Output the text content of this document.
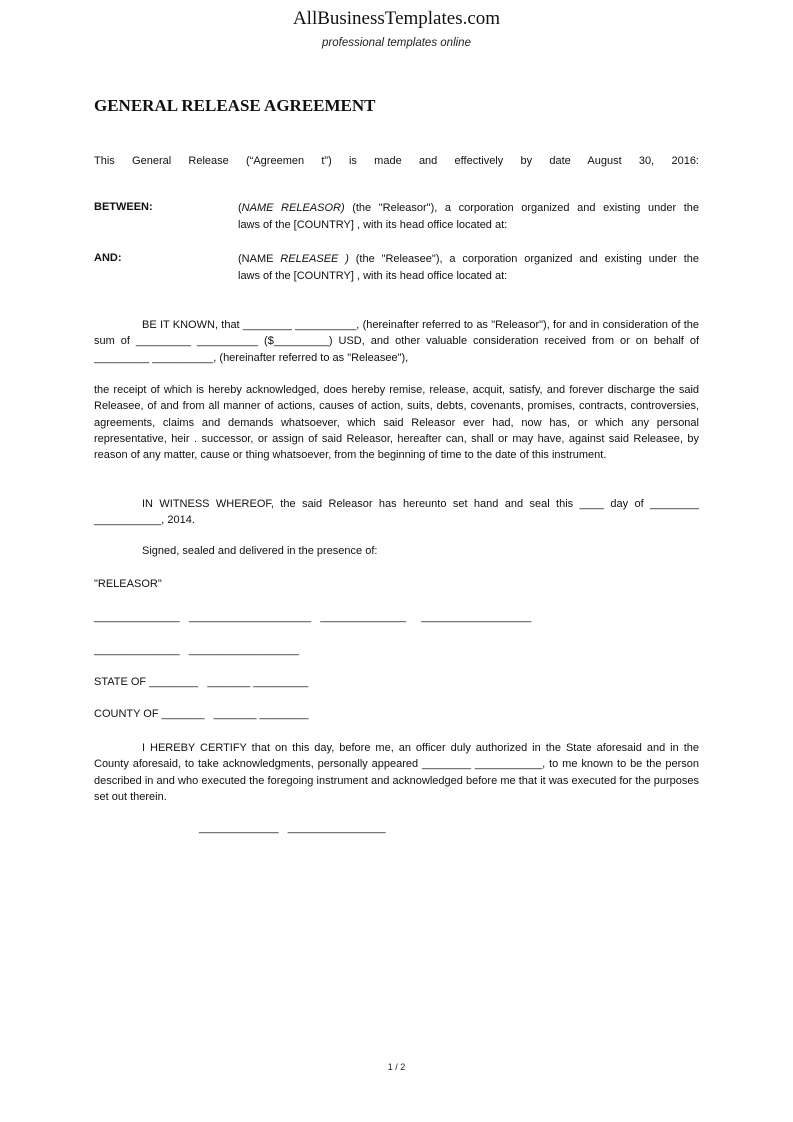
AllBusinessTemplates.com
professional templates online
GENERAL RELEASE AGREEMENT

This General Release (“Agreemen t”) is made and effectively by date August 30, 2016:

BETWEEN:	(NAME RELEASOR) (the "Releasor"), a corporation organized and existing under the
laws of the [COUNTRY] , with its head office located at:

AND:	(NAME RELEASEE ) (the "Releasee"), a corporation organized and existing under the
laws of the [COUNTRY] , with its head office located at:

BE IT KNOWN, that ________ __________, (hereinafter referred to as "Releasor"), for and in consideration of the sum of _________ __________ ($_________) USD, and other valuable consideration received from or on behalf of _________ __________, (hereinafter referred to as "Releasee"),

the receipt of which is hereby acknowledged, does hereby remise, release, acquit, satisfy, and forever discharge the said Releasee, of and from all manner of actions, causes of action, suits, debts, covenants, promises, contracts, controversies, agreements, claims and demands whatsoever, which said Releasor ever had, now has, or which any personal representative, heir . successor, or assign of said Releasor, hereafter can, shall or may have, against said Releasee, by reason of any matter, cause or thing whatsoever, from the beginning of time to the date of this instrument.

IN WITNESS WHEREOF, the said Releasor has hereunto set hand and seal this ____ day of ________ ___________, 2014.

Signed, sealed and delivered in the presence of:

"RELEASOR"

______________   ____________________   ______________     __________________

______________   __________________

STATE OF ________   _______ _________

COUNTY OF _______   _______ ________

I HEREBY CERTIFY that on this day, before me, an officer duly authorized in the State aforesaid and in the County aforesaid, to take acknowledgments, personally appeared ________ ___________, to me known to be the person described in and who executed the foregoing instrument and acknowledged before me that it was executed for the purposes set out therein.

_____________   ________________

1 / 2
